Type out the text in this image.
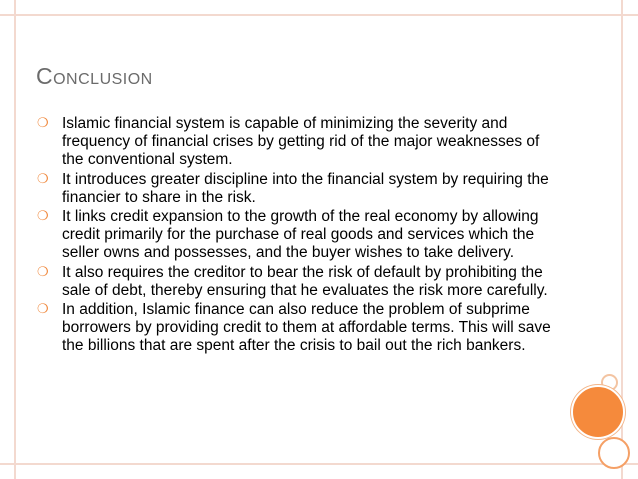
Conclusion
❍ Islamic financial system is capable of minimizing the severity and frequency of financial crises by getting rid of the major weaknesses of the conventional system.
❍ It introduces greater discipline into the financial system by requiring the financier to share in the risk.
❍ It links credit expansion to the growth of the real economy by allowing credit primarily for the purchase of real goods and services which the seller owns and possesses, and the buyer wishes to take delivery.
❍ It also requires the creditor to bear the risk of default by prohibiting the sale of debt, thereby ensuring that he evaluates the risk more carefully.
❍ In addition, Islamic finance can also reduce the problem of subprime borrowers by providing credit to them at affordable terms. This will save the billions that are spent after the crisis to bail out the rich bankers.
